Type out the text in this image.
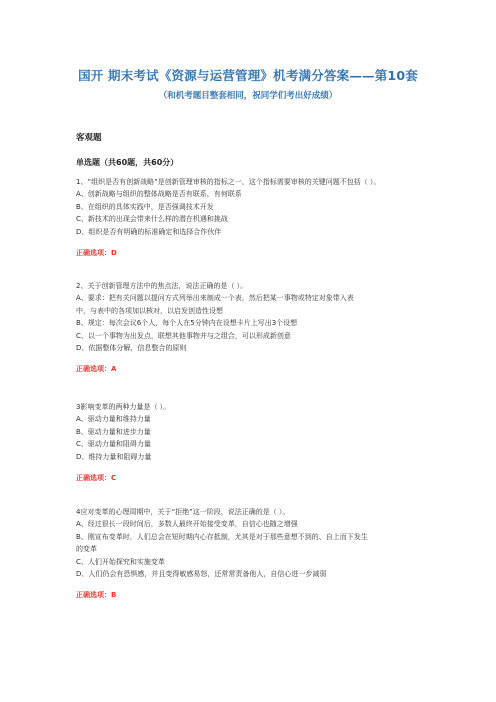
国开 期末考试《资源与运营管理》机考满分答案——第10套
（和机考题目整套相同，祝同学们考出好成绩）
客观题
单选题（共60题，共60分）
1、“组织是否有创新战略”是创新管理审核的指标之一，这个指标需要审核的关键问题不包括（ ）。
A、创新战略与组织的整体战略是否有联系，有何联系
B、在组织的具体实践中，是否强调技术开发
C、新技术的出现会带来什么样的潜在机遇和挑战
D、组织是否有明确的标准确定和选择合作伙伴
正确选项：D
2、关于创新管理方法中的焦点法，说法正确的是（ ）。
A、要求：把有关问题以提问方式列举出来制成一个表，然后把某一事物或特定对象带入表
中，与表中的各项加以核对，以启发创造性设想
B、规定：每次会议6个人，每个人在5分钟内在设想卡片上写出3个设想
C、以一个事物为出发点，联想其他事物并与之组合，可以形成新创意
D、依据整体分解，信息整合的原则
正确选项：A
3影响变革的两种力量是（ ）。
A、驱动力量和维持力量
B、驱动力量和进步力量
C、驱动力量和阻碍力量
D、维持力量和阻碍力量
正确选项：C
4应对变革的心理周期中，关于“拒绝”这一阶段，说法正确的是（ ）。
A、经过很长一段时间后，多数人最终开始接受变革，自信心也随之增强
B、刚宣布变革时，人们总会在短时期内心存抵制，尤其是对于那些意想不到的、自上而下发生
的变革
C、人们开始探究和实施变革
D、人们仍会有恐惧感，并且变得敏感易怒，还常常责备他人，自信心进一步减弱
正确选项：B
